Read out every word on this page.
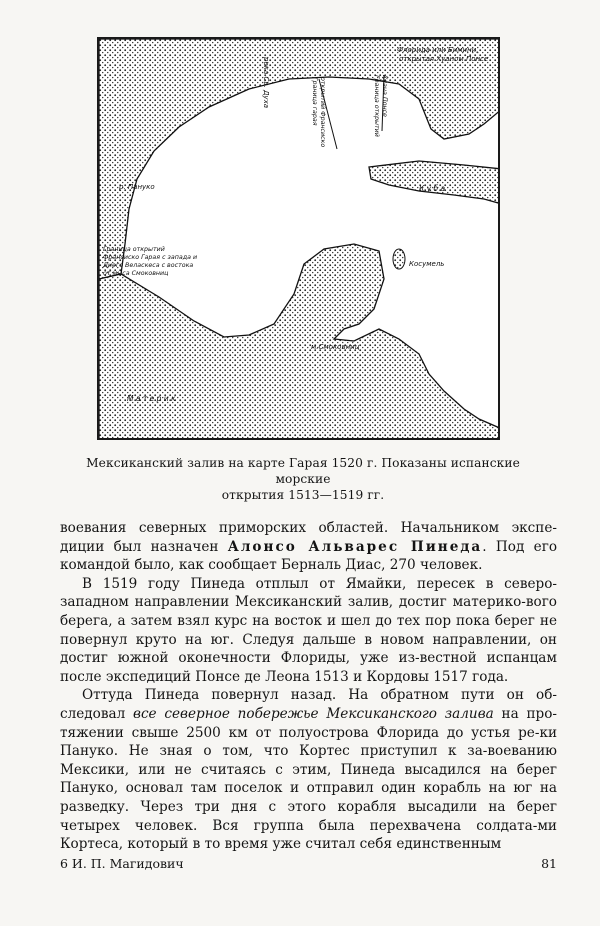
Флорида или Бимини,
открытая Хуаном Понсе
река Св. Духа	Граница гарая открытий Франсиско	Граница открытий Хуана Понсе
р. Пануко
Граница открытий
Франсиско Гарая с запада и
Диего Веласкеса с востока
от мыса Смоковниц
К у б а
Косумель
м.Смоковниц
М а т е р и к
Мексиканский залив на карте Гарая 1520 г. Показаны испанские морские
открытия 1513—1519 гг.

воевания северных приморских областей. Начальником экспе-диции был назначен Алонсо Альварес Пинеда. Под его командой было, как сообщает Берналь Диас, 270 человек.

В 1519 году Пинеда отплыл от Ямайки, пересек в северо-западном направлении Мексиканский залив, достиг материко-вого берега, а затем взял курс на восток и шел до тех пор пока берег не повернул круто на юг. Следуя дальше в новом направлении, он достиг южной оконечности Флориды, уже из-вестной испанцам после экспедиций Понсе де Леона 1513 и Кордовы 1517 года.

Оттуда Пинеда повернул назад. На обратном пути он об-следовал все северное побережье Мексиканского залива на про-тяжении свыше 2500 км от полуострова Флорида до устья ре-ки Пануко. Не зная о том, что Кортес приступил к за-воеванию Мексики, или не считаясь с этим, Пинеда высадился на берег Пануко, основал там поселок и отправил один корабль на юг на разведку. Через три дня с этого корабля высадили на берег четырех человек. Вся группа была перехвачена солдата-ми Кортеса, который в то время уже считал себя единственным

6 И. П. Магидович	81
